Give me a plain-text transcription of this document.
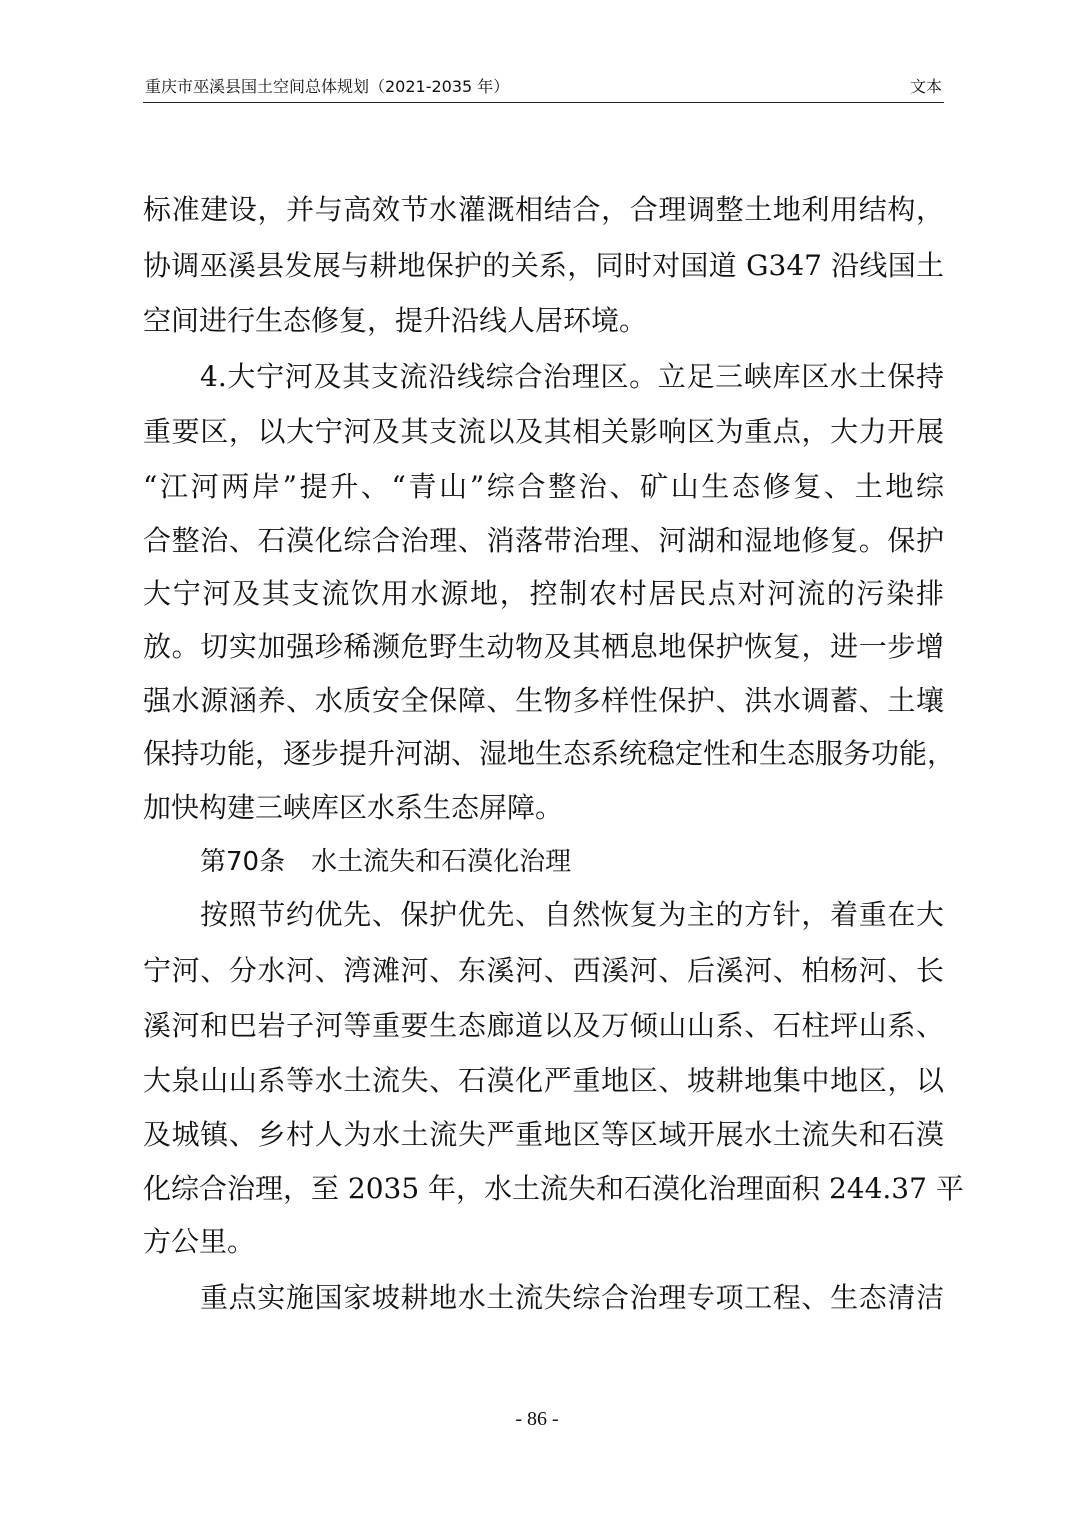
重庆市巫溪县国土空间总体规划（2021-2035 年）	文本
标准建设，并与高效节水灌溉相结合，合理调整土地利用结构，
协调巫溪县发展与耕地保护的关系，同时对国道 G347 沿线国土
空间进行生态修复，提升沿线人居环境。
4.大宁河及其支流沿线综合治理区。立足三峡库区水土保持
重要区，以大宁河及其支流以及其相关影响区为重点，大力开展
“江河两岸”提升、“青山”综合整治、矿山生态修复、土地综
合整治、石漠化综合治理、消落带治理、河湖和湿地修复。保护
大宁河及其支流饮用水源地，控制农村居民点对河流的污染排
放。切实加强珍稀濒危野生动物及其栖息地保护恢复，进一步增
强水源涵养、水质安全保障、生物多样性保护、洪水调蓄、土壤
保持功能，逐步提升河湖、湿地生态系统稳定性和生态服务功能，
加快构建三峡库区水系生态屏障。
第70条 水土流失和石漠化治理
按照节约优先、保护优先、自然恢复为主的方针，着重在大
宁河、分水河、湾滩河、东溪河、西溪河、后溪河、柏杨河、长
溪河和巴岩子河等重要生态廊道以及万倾山山系、石柱坪山系、
大泉山山系等水土流失、石漠化严重地区、坡耕地集中地区，以
及城镇、乡村人为水土流失严重地区等区域开展水土流失和石漠
化综合治理，至 2035 年，水土流失和石漠化治理面积 244.37 平
方公里。
重点实施国家坡耕地水土流失综合治理专项工程、生态清洁
- 86 -
